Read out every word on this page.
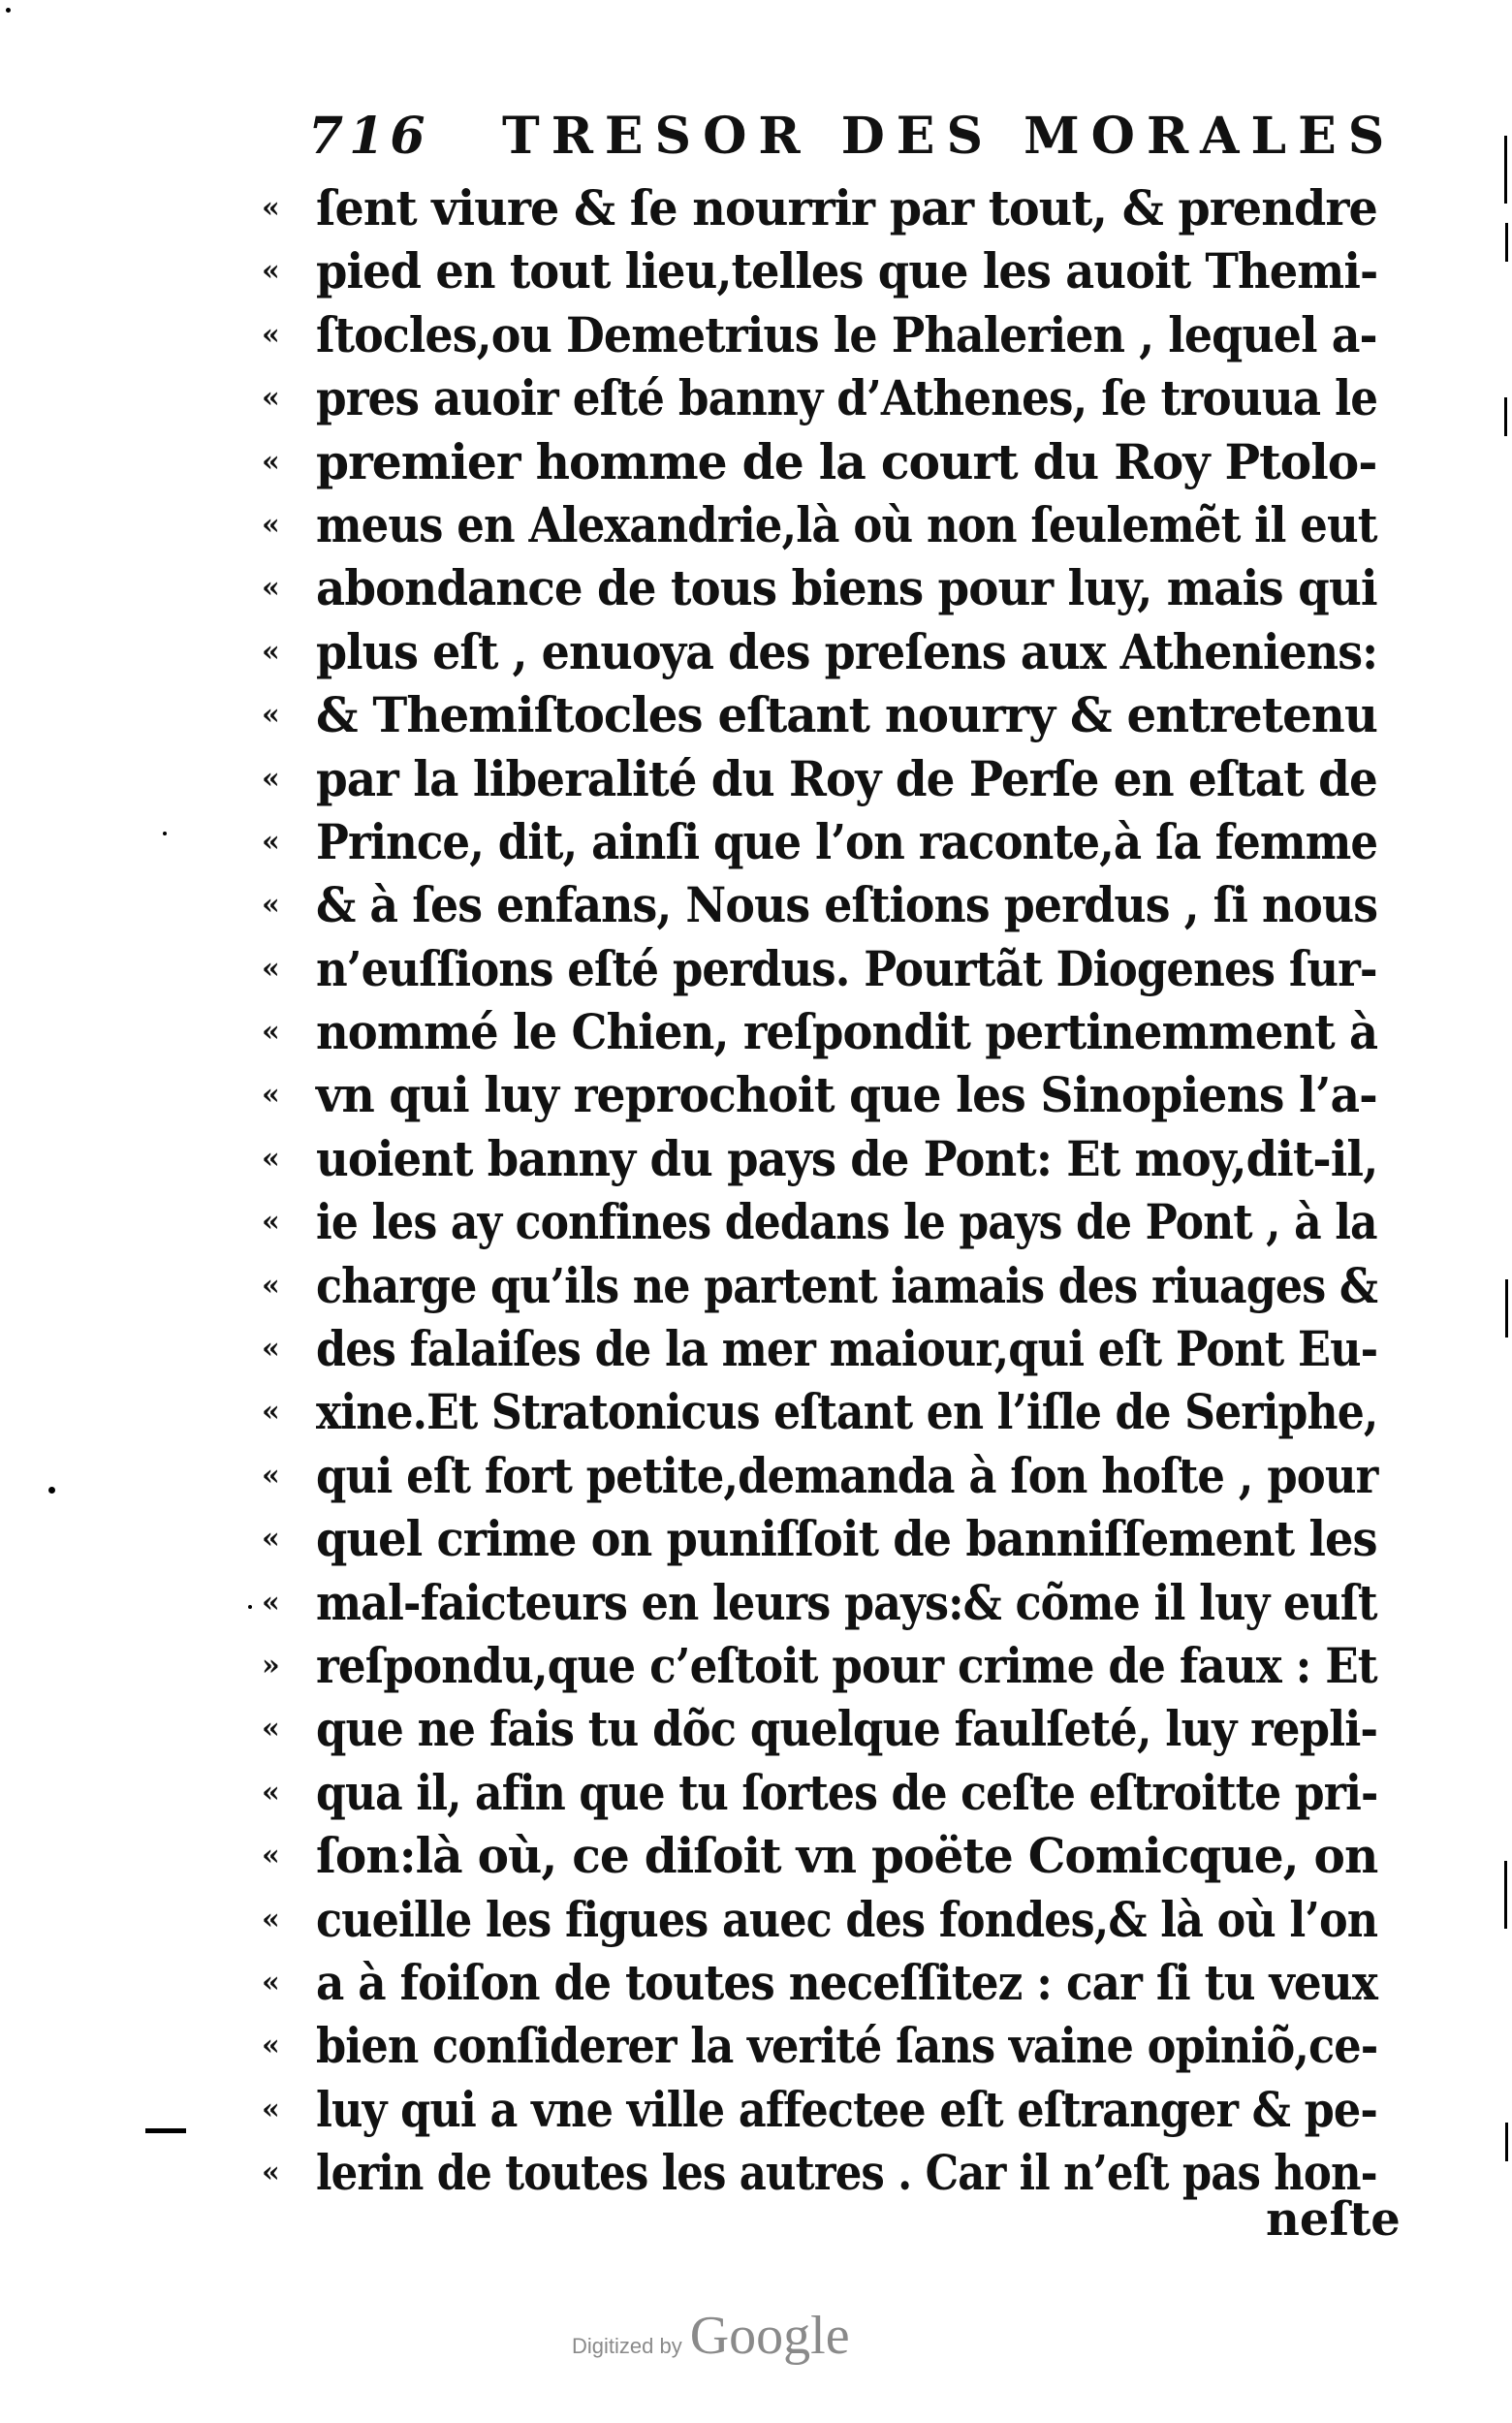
716 TRESOR DES MORALES
« ſent viure & ſe nourrir par tout, & prendre
« pied en tout lieu,telles que les auoit Themi-
« ſtocles,ou Demetrius le Phalerien , lequel a-
« pres auoir eſté banny d’Athenes, ſe trouua le
« premier homme de la court du Roy Ptolo-
« meus en Alexandrie,là où non ſeulemẽt il eut
« abondance de tous biens pour luy, mais qui
« plus eſt , enuoya des preſens aux Atheniens:
« & Themiſtocles eſtant nourry & entretenu
« par la liberalité du Roy de Perſe en eſtat de
« Prince, dit, ainſi que l’on raconte,à ſa femme
« & à ſes enfans, Nous eſtions perdus , ſi nous
« n’euſſions eſté perdus. Pourtãt Diogenes ſur-
« nommé le Chien, reſpondit pertinemment à
« vn qui luy reprochoit que les Sinopiens l’a-
« uoient banny du pays de Pont: Et moy,dit-il,
« ie les ay confines dedans le pays de Pont , à la
« charge qu’ils ne partent iamais des riuages &
« des falaiſes de la mer maiour,qui eſt Pont Eu-
« xine.Et Stratonicus eſtant en l’iſle de Seriphe,
« qui eſt fort petite,demanda à ſon hoſte , pour
« quel crime on puniſſoit de banniſſement les
« mal-faicteurs en leurs pays:& cõme il luy euſt
» reſpondu,que c’eſtoit pour crime de faux : Et
« que ne fais tu dõc quelque faulſeté, luy repli-
« qua il, afin que tu ſortes de ceſte eſtroitte pri-
« ſon:là où, ce diſoit vn poëte Comicque, on
« cueille les figues auec des fondes,& là où l’on
« a à foiſon de toutes neceſſitez : car ſi tu veux
« bien conſiderer la verité ſans vaine opiniõ,ce-
« luy qui a vne ville affectee eſt eſtranger & pe-
« lerin de toutes les autres . Car il n’eſt pas hon-
neſte
Digitized by Google
